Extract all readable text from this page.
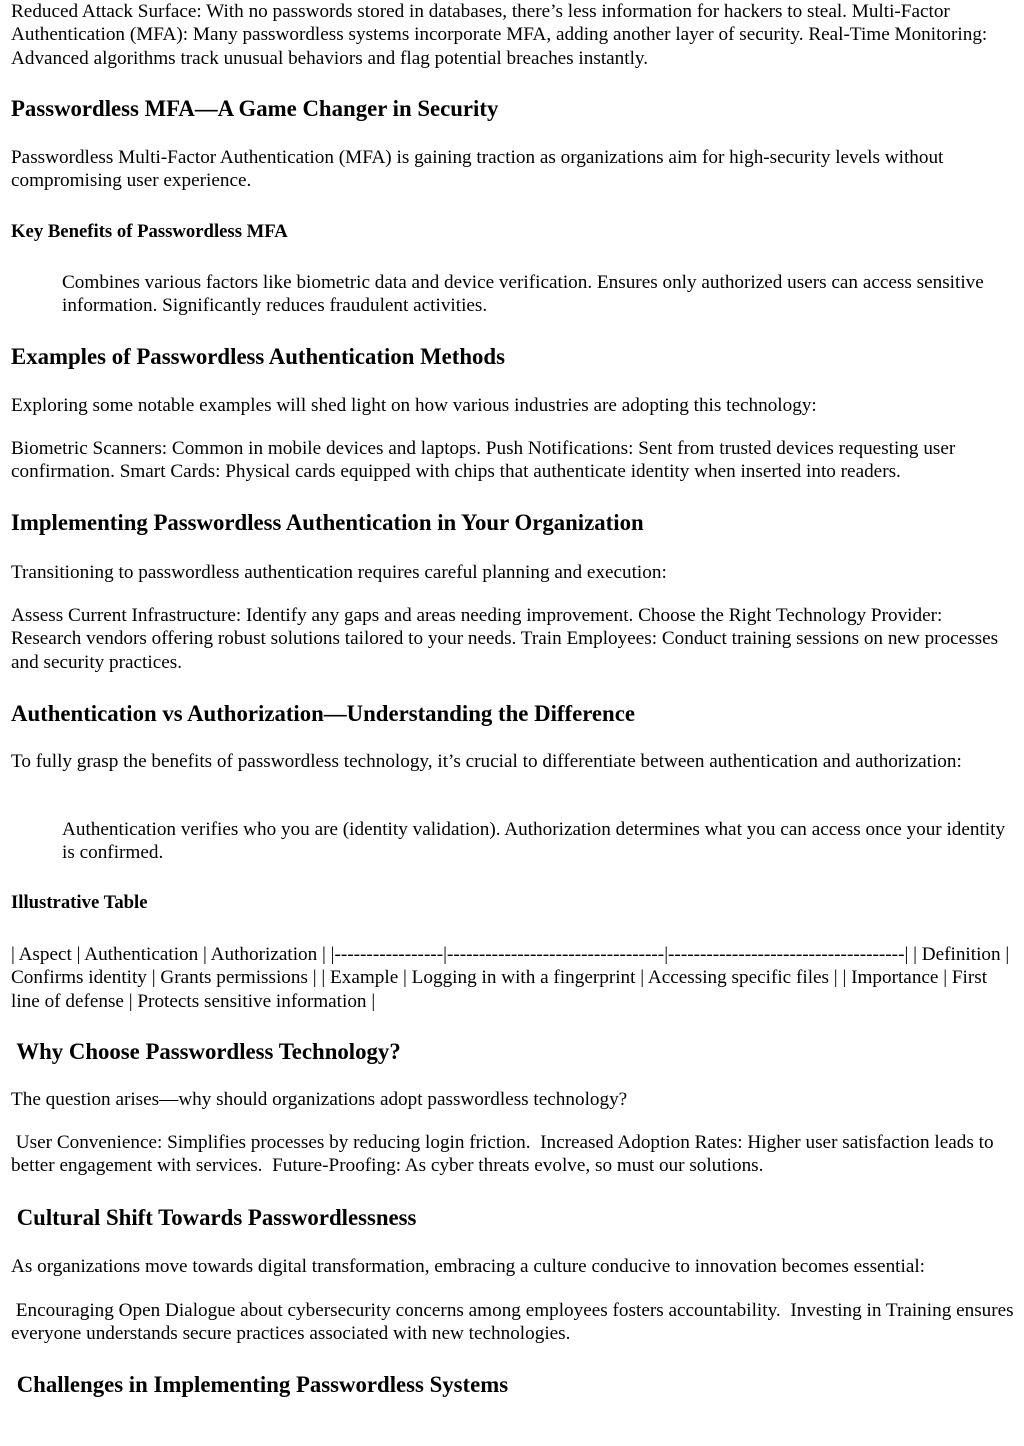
Reduced Attack Surface: With no passwords stored in databases, there’s less information for hackers to steal. Multi-Factor Authentication (MFA): Many passwordless systems incorporate MFA, adding another layer of security. Real-Time Monitoring: Advanced algorithms track unusual behaviors and flag potential breaches instantly.

Passwordless MFA—A Game Changer in Security

Passwordless Multi-Factor Authentication (MFA) is gaining traction as organizations aim for high-security levels without compromising user experience.

Key Benefits of Passwordless MFA

Combines various factors like biometric data and device verification. Ensures only authorized users can access sensitive information. Significantly reduces fraudulent activities.

Examples of Passwordless Authentication Methods

Exploring some notable examples will shed light on how various industries are adopting this technology:

Biometric Scanners: Common in mobile devices and laptops. Push Notifications: Sent from trusted devices requesting user confirmation. Smart Cards: Physical cards equipped with chips that authenticate identity when inserted into readers.

Implementing Passwordless Authentication in Your Organization

Transitioning to passwordless authentication requires careful planning and execution:

Assess Current Infrastructure: Identify any gaps and areas needing improvement. Choose the Right Technology Provider: Research vendors offering robust solutions tailored to your needs. Train Employees: Conduct training sessions on new processes and security practices.

Authentication vs Authorization—Understanding the Difference

To fully grasp the benefits of passwordless technology, it’s crucial to differentiate between authentication and authorization:

Authentication verifies who you are (identity validation). Authorization determines what you can access once your identity is confirmed.

Illustrative Table

| Aspect | Authentication | Authorization | |-----------------|----------------------------------|-------------------------------------| | Definition | Confirms identity | Grants permissions | | Example | Logging in with a fingerprint | Accessing specific files | | Importance | First line of defense | Protects sensitive information |

Why Choose Passwordless Technology?

The question arises—why should organizations adopt passwordless technology?

User Convenience: Simplifies processes by reducing login friction.  Increased Adoption Rates: Higher user satisfaction leads to better engagement with services.  Future-Proofing: As cyber threats evolve, so must our solutions.

Cultural Shift Towards Passwordlessness

As organizations move towards digital transformation, embracing a culture conducive to innovation becomes essential:

Encouraging Open Dialogue about cybersecurity concerns among employees fosters accountability.  Investing in Training ensures everyone understands secure practices associated with new technologies.

Challenges in Implementing Passwordless Systems
